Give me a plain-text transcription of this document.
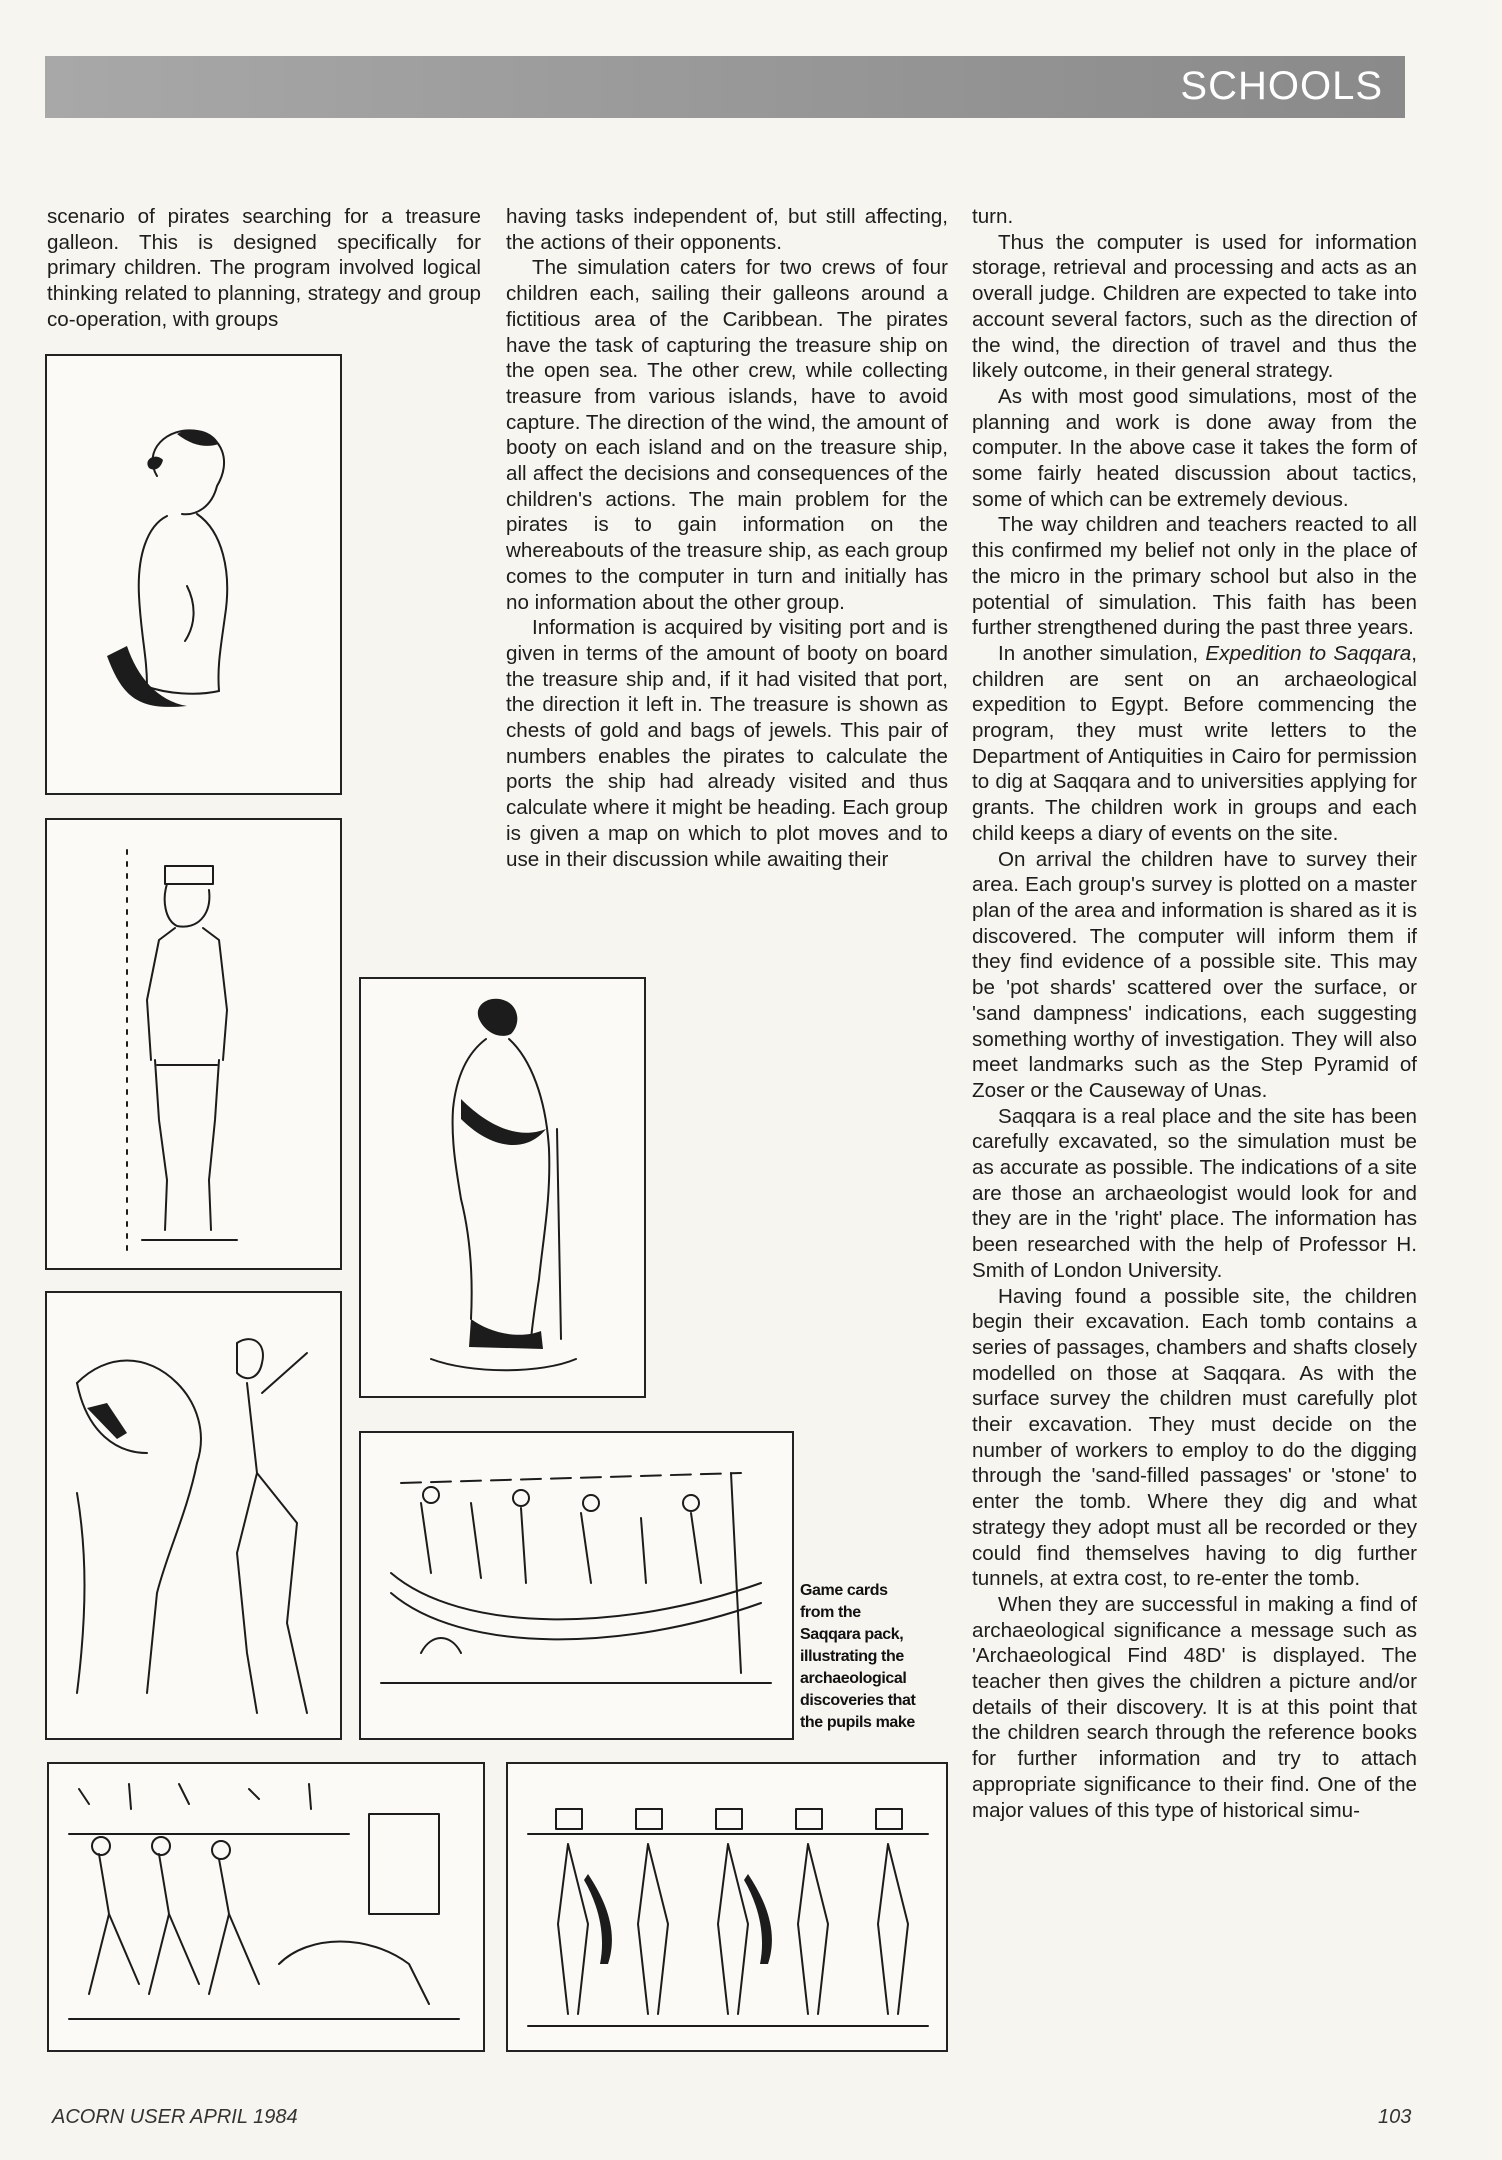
SCHOOLS

scenario of pirates searching for a treasure galleon. This is designed specifically for primary children. The program involved logical thinking related to planning, strategy and group co-operation, with groups

having tasks independent of, but still affecting, the actions of their opponents.

The simulation caters for two crews of four children each, sailing their galleons around a fictitious area of the Caribbean. The pirates have the task of capturing the treasure ship on the open sea. The other crew, while collecting treasure from various islands, have to avoid capture. The direction of the wind, the amount of booty on each island and on the treasure ship, all affect the decisions and consequences of the children's actions. The main problem for the pirates is to gain information on the whereabouts of the treasure ship, as each group comes to the computer in turn and initially has no information about the other group.

Information is acquired by visiting port and is given in terms of the amount of booty on board the treasure ship and, if it had visited that port, the direction it left in. The treasure is shown as chests of gold and bags of jewels. This pair of numbers enables the pirates to calculate the ports the ship had already visited and thus calculate where it might be heading. Each group is given a map on which to plot moves and to use in their discussion while awaiting their

turn.

Thus the computer is used for information storage, retrieval and processing and acts as an overall judge. Children are expected to take into account several factors, such as the direction of the wind, the direction of travel and thus the likely outcome, in their general strategy.

As with most good simulations, most of the planning and work is done away from the computer. In the above case it takes the form of some fairly heated discussion about tactics, some of which can be extremely devious.

The way children and teachers reacted to all this confirmed my belief not only in the place of the micro in the primary school but also in the potential of simulation. This faith has been further strengthened during the past three years.

In another simulation, Expedition to Saqqara, children are sent on an archaeological expedition to Egypt. Before commencing the program, they must write letters to the Department of Antiquities in Cairo for permission to dig at Saqqara and to universities applying for grants. The children work in groups and each child keeps a diary of events on the site.

On arrival the children have to survey their area. Each group's survey is plotted on a master plan of the area and information is shared as it is discovered. The computer will inform them if they find evidence of a possible site. This may be 'pot shards' scattered over the surface, or 'sand dampness' indications, each suggesting something worthy of investigation. They will also meet landmarks such as the Step Pyramid of Zoser or the Causeway of Unas.

Saqqara is a real place and the site has been carefully excavated, so the simulation must be as accurate as possible. The indications of a site are those an archaeologist would look for and they are in the 'right' place. The information has been researched with the help of Professor H. Smith of London University.

Having found a possible site, the children begin their excavation. Each tomb contains a series of passages, chambers and shafts closely modelled on those at Saqqara. As with the surface survey the children must carefully plot their excavation. They must decide on the number of workers to employ to do the digging through the 'sand-filled passages' or 'stone' to enter the tomb. Where they dig and what strategy they adopt must all be recorded or they could find themselves having to dig further tunnels, at extra cost, to re-enter the tomb.

When they are successful in making a find of archaeological significance a message such as 'Archaeological Find 48D' is displayed. The teacher then gives the children a picture and/or details of their discovery. It is at this point that the children search through the reference books for further information and try to attach appropriate significance to their find. One of the major values of this type of historical simu-

Game cards from the Saqqara pack, illustrating the archaeological discoveries that the pupils make
ACORN USER APRIL 1984	103
